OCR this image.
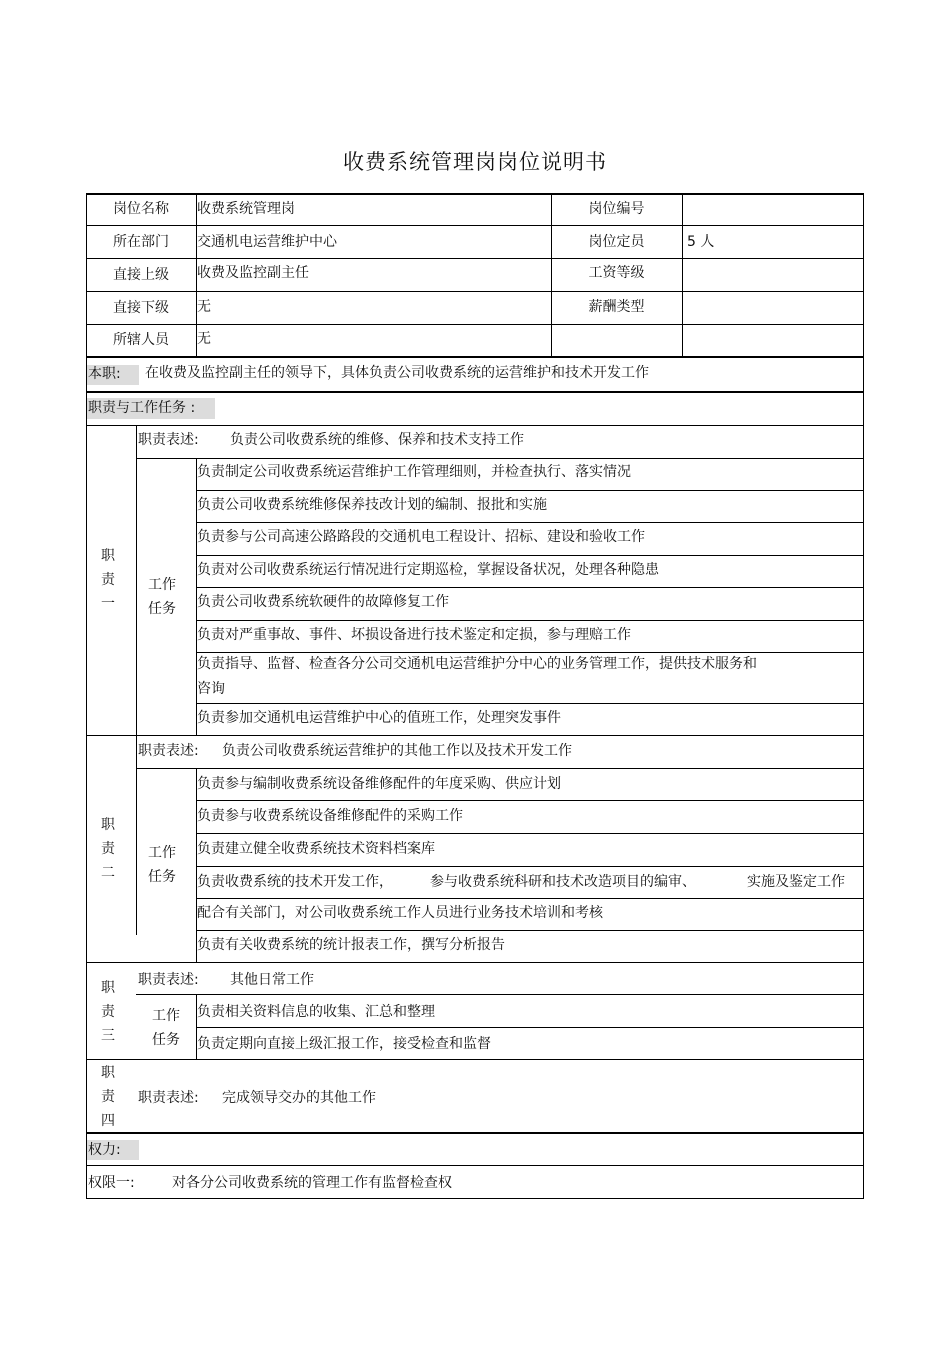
收费系统管理岗岗位说明书
岗位名称	收费系统管理岗	岗位编号
所在部门	交通机电运营维护中心	岗位定员	5 人
直接上级	收费及监控副主任	工资等级
直接下级	无	薪酬类型
所辖人员	无
本职: 在收费及监控副主任的领导下，具体负责公司收费系统的运营维护和技术开发工作
职责与工作任务 :
职
责
一
职责表述: 负责公司收费系统的维修、保养和技术支持工作
工作
任务
负责制定公司收费系统运营维护工作管理细则，并检查执行、落实情况
负责公司收费系统维修保养技改计划的编制、报批和实施
负责参与公司高速公路路段的交通机电工程设计、招标、建设和验收工作
负责对公司收费系统运行情况进行定期巡检，掌握设备状况，处理各种隐患
负责公司收费系统软硬件的故障修复工作
负责对严重事故、事件、坏损设备进行技术鉴定和定损，参与理赔工作
负责指导、监督、检查各分公司交通机电运营维护分中心的业务管理工作，提供技术服务和
咨询
负责参加交通机电运营维护中心的值班工作，处理突发事件
职
责
二
职责表述: 负责公司收费系统运营维护的其他工作以及技术开发工作
工作
任务
负责参与编制收费系统设备维修配件的年度采购、供应计划
负责参与收费系统设备维修配件的采购工作
负责建立健全收费系统技术资料档案库
负责收费系统的技术开发工作，	参与收费系统科研和技术改造项目的编审、	实施及鉴定工作
配合有关部门，对公司收费系统工作人员进行业务技术培训和考核
负责有关收费系统的统计报表工作，撰写分析报告
职
责
三
职责表述: 其他日常工作
工作
任务
负责相关资料信息的收集、汇总和整理
负责定期向直接上级汇报工作，接受检查和监督
职
责
四
职责表述: 完成领导交办的其他工作
权力:
权限一:	对各分公司收费系统的管理工作有监督检查权
